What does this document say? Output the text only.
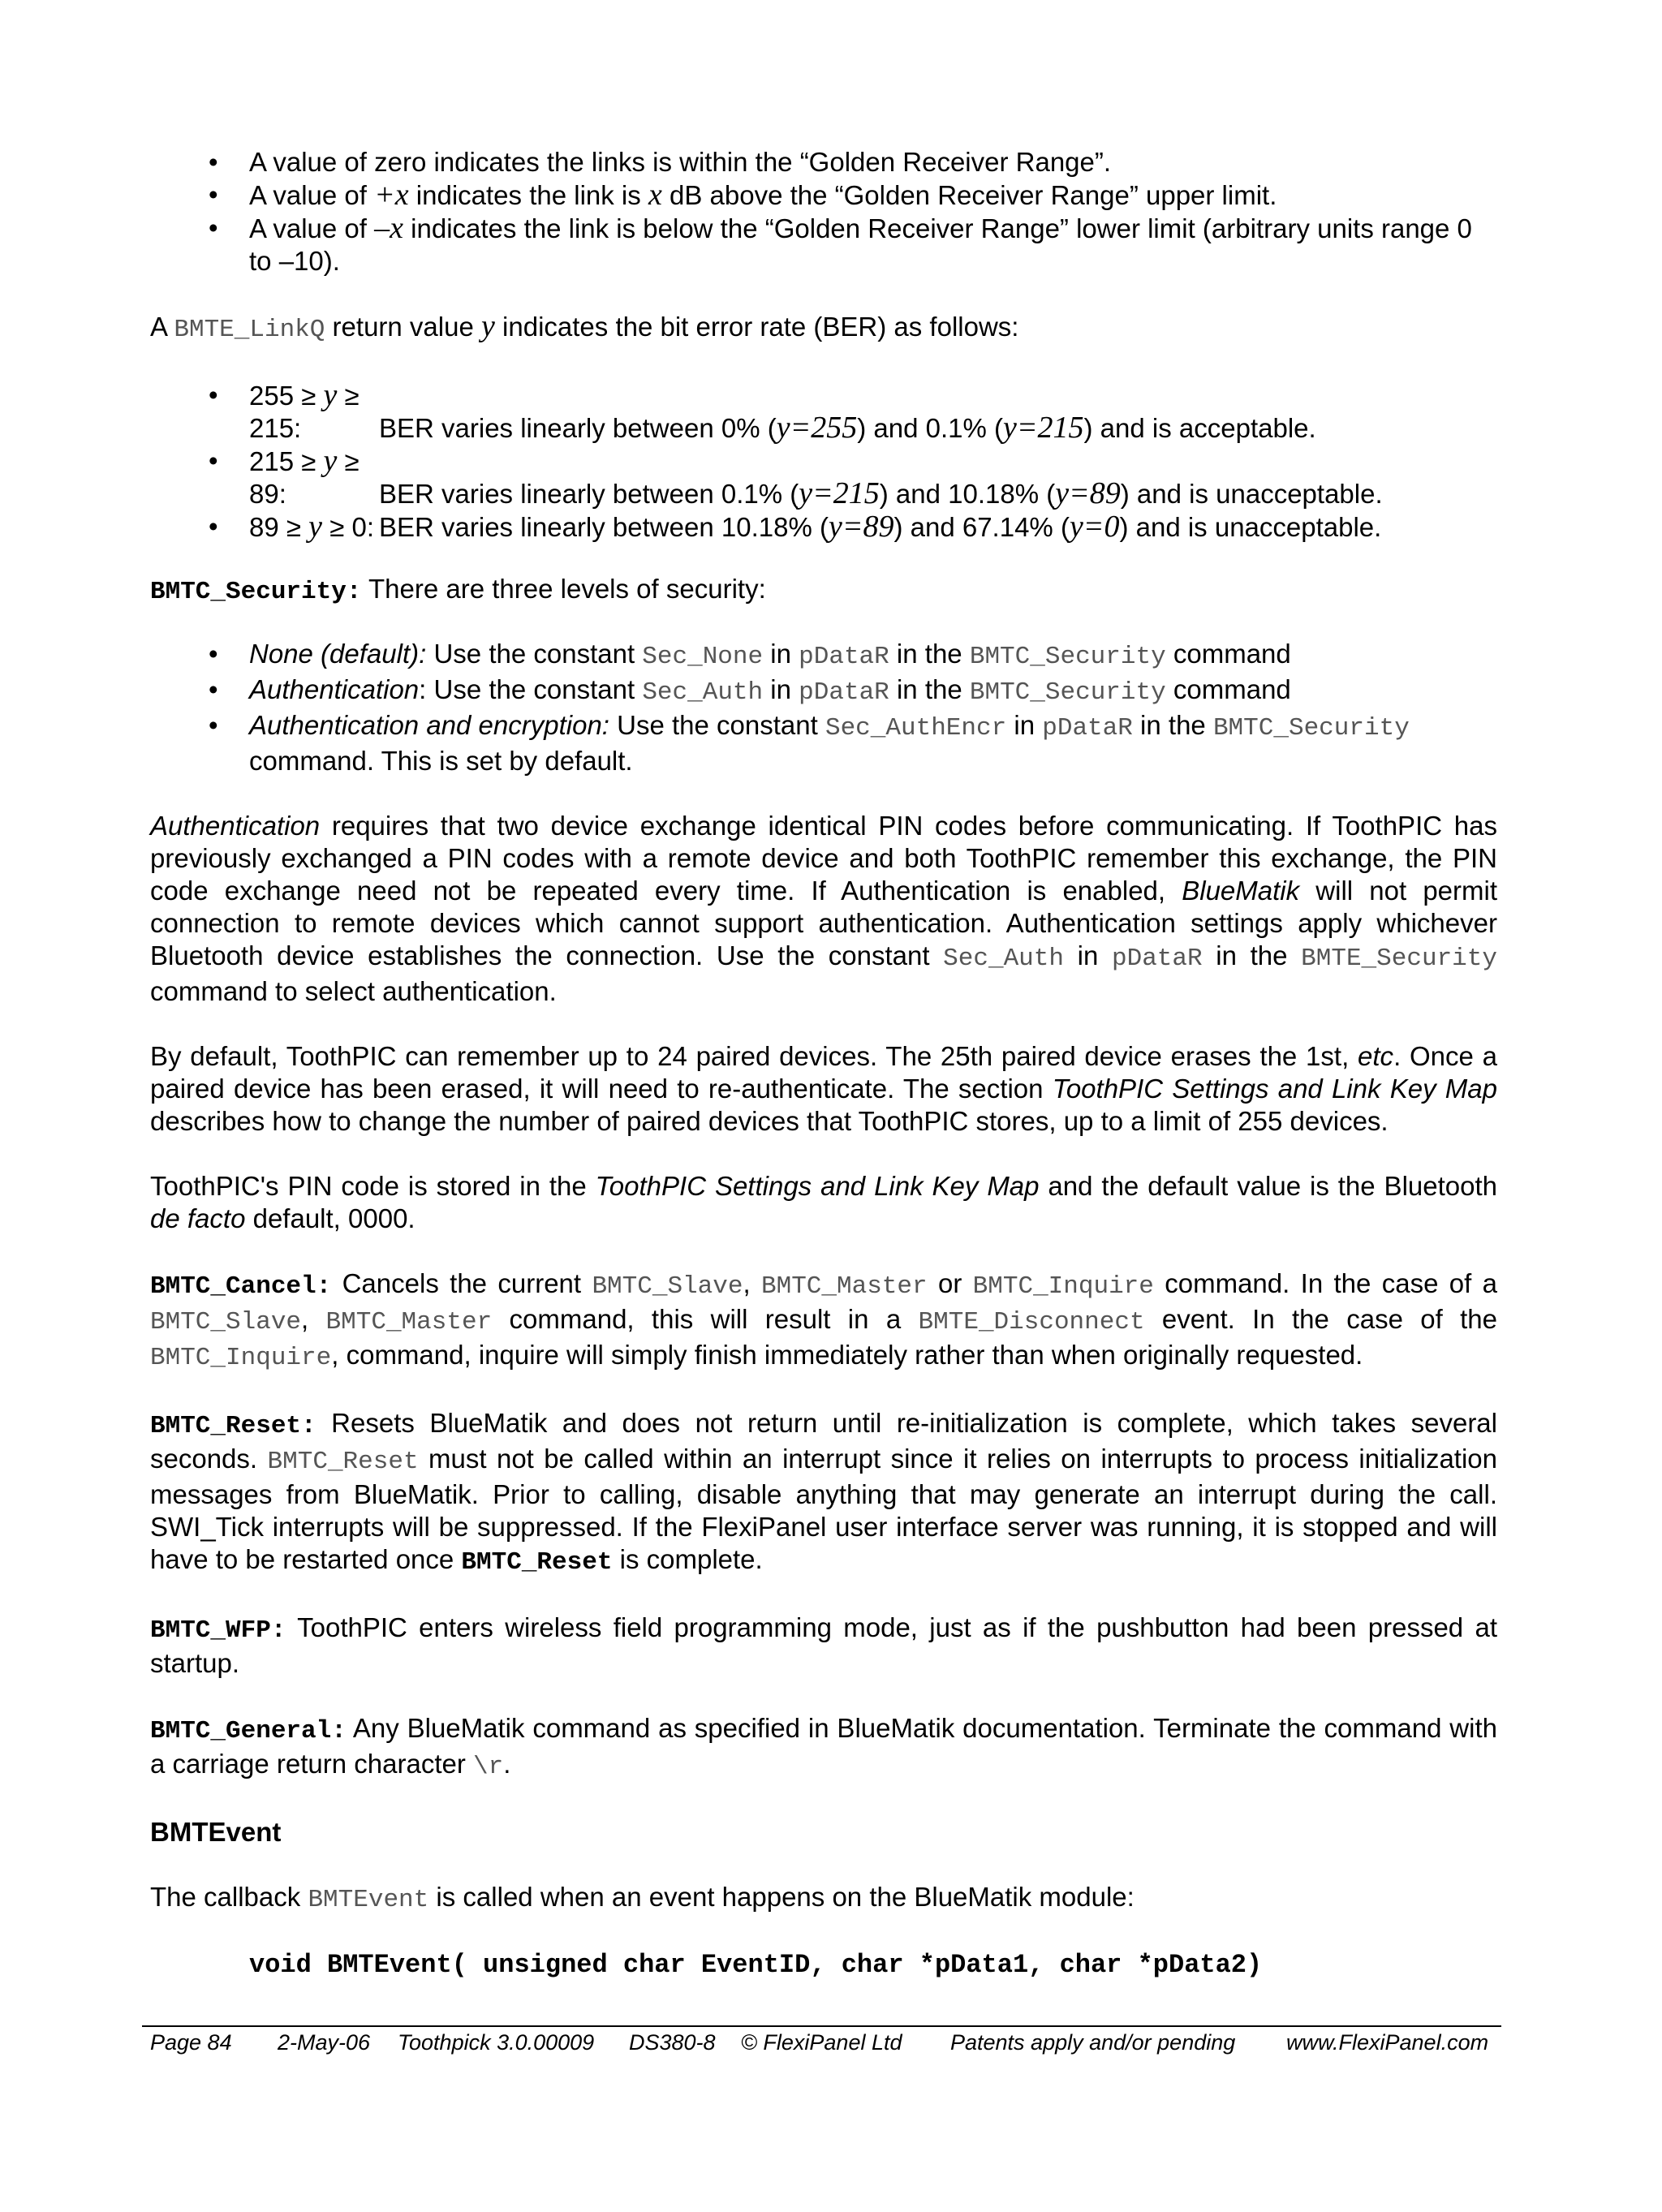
• A value of zero indicates the links is within the “Golden Receiver Range”.
• A value of +x indicates the link is x dB above the “Golden Receiver Range” upper limit.
• A value of –x indicates the link is below the “Golden Receiver Range” lower limit (arbitrary units range 0 to –10).

A BMTE_LinkQ return value y indicates the bit error rate (BER) as follows:

• 255 ≥ y ≥ 215:	BER varies linearly between 0% (y=255) and 0.1% (y=215) and is acceptable.
• 215 ≥ y ≥ 89:	BER varies linearly between 0.1% (y=215) and 10.18% (y=89) and is unacceptable.
• 89 ≥ y ≥ 0: BER varies linearly between 10.18% (y=89) and 67.14% (y=0) and is unacceptable.

BMTC_Security: There are three levels of security:

• None (default): Use the constant Sec_None in pDataR in the BMTC_Security command
• Authentication: Use the constant Sec_Auth in pDataR in the BMTC_Security command
• Authentication and encryption: Use the constant Sec_AuthEncr in pDataR in the BMTC_Security command. This is set by default.

Authentication requires that two device exchange identical PIN codes before communicating. If ToothPIC has previously exchanged a PIN codes with a remote device and both ToothPIC remember this exchange, the PIN code exchange need not be repeated every time. If Authentication is enabled, BlueMatik will not permit connection to remote devices which cannot support authentication. Authentication settings apply whichever Bluetooth device establishes the connection. Use the constant Sec_Auth in pDataR in the BMTE_Security command to select authentication.

By default, ToothPIC can remember up to 24 paired devices. The 25th paired device erases the 1st, etc. Once a paired device has been erased, it will need to re-authenticate. The section ToothPIC Settings and Link Key Map describes how to change the number of paired devices that ToothPIC stores, up to a limit of 255 devices.

ToothPIC's PIN code is stored in the ToothPIC Settings and Link Key Map and the default value is the Bluetooth de facto default, 0000.

BMTC_Cancel: Cancels the current BMTC_Slave, BMTC_Master or BMTC_Inquire command. In the case of a BMTC_Slave, BMTC_Master command, this will result in a BMTE_Disconnect event. In the case of the BMTC_Inquire, command, inquire will simply finish immediately rather than when originally requested.

BMTC_Reset: Resets BlueMatik and does not return until re-initialization is complete, which takes several seconds. BMTC_Reset must not be called within an interrupt since it relies on interrupts to process initialization messages from BlueMatik. Prior to calling, disable anything that may generate an interrupt during the call. SWI_Tick interrupts will be suppressed. If the FlexiPanel user interface server was running, it is stopped and will have to be restarted once BMTC_Reset is complete.

BMTC_WFP: ToothPIC enters wireless field programming mode, just as if the pushbutton had been pressed at startup.

BMTC_General: Any BlueMatik command as specified in BlueMatik documentation. Terminate the command with a carriage return character \r.

BMTEvent

The callback BMTEvent is called when an event happens on the BlueMatik module:

void BMTEvent( unsigned char EventID, char *pData1, char *pData2)
Page 84 2-May-06 Toothpick 3.0.00009 DS380-8 © FlexiPanel Ltd Patents apply and/or pending www.FlexiPanel.com
